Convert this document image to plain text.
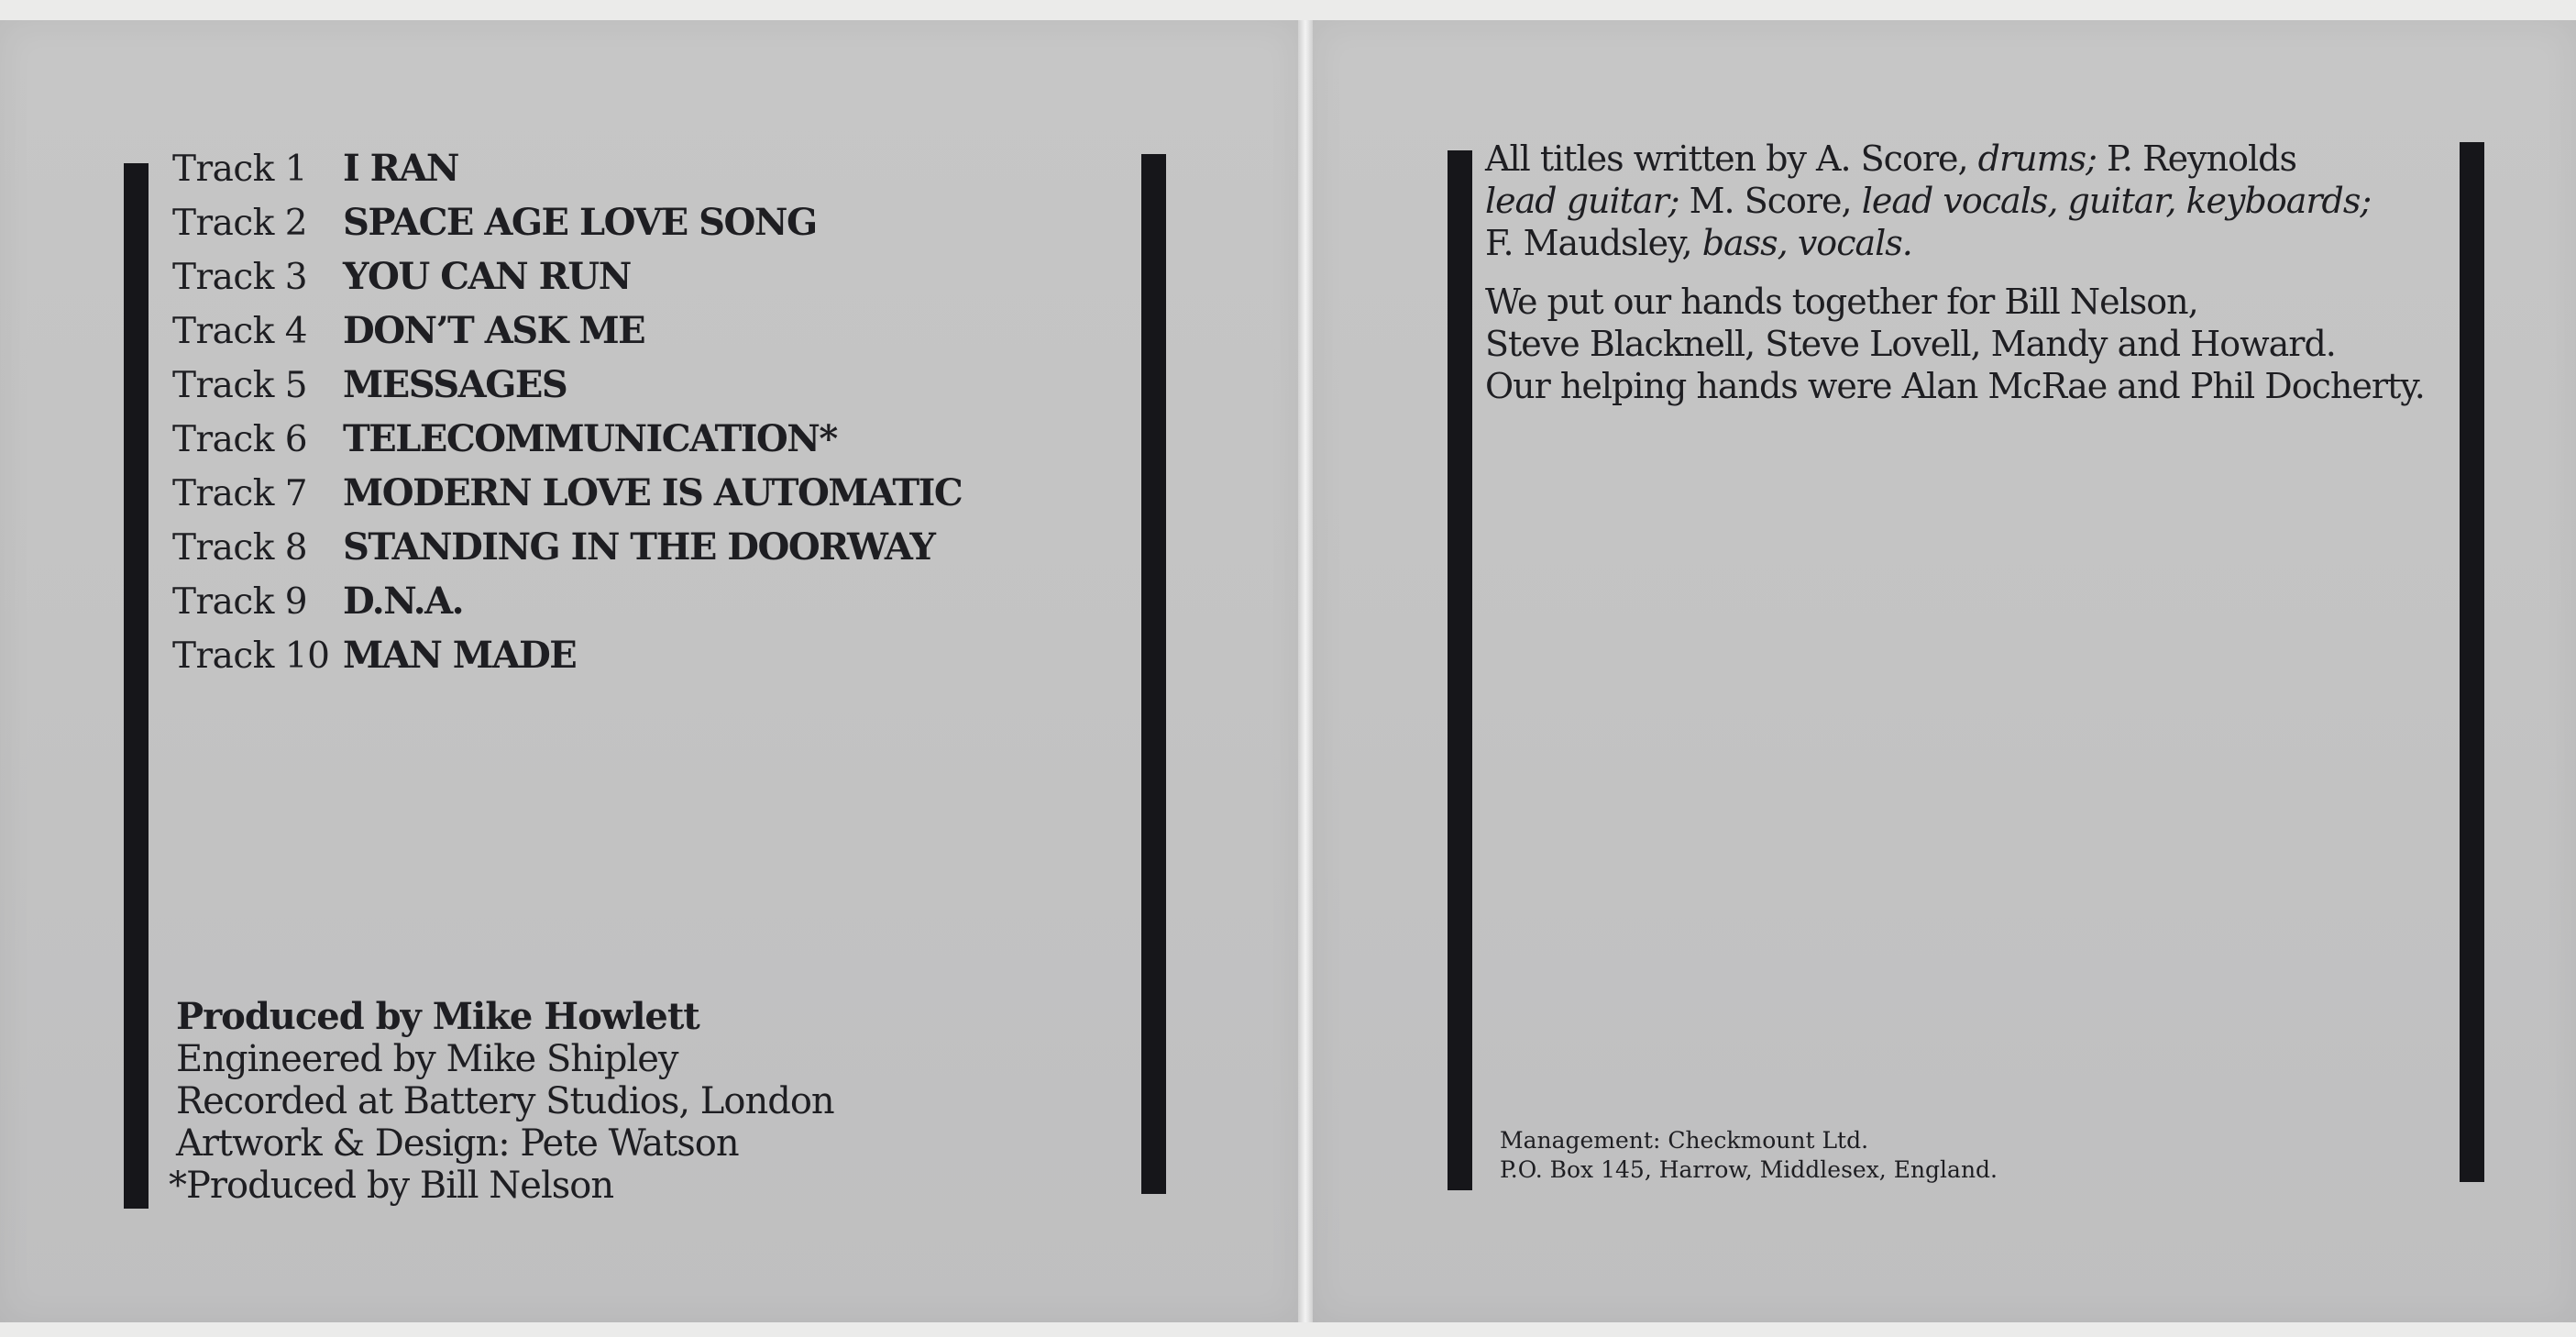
Track 1 I RAN
Track 2 SPACE AGE LOVE SONG
Track 3 YOU CAN RUN
Track 4 DON’T ASK ME
Track 5 MESSAGES
Track 6 TELECOMMUNICATION*
Track 7 MODERN LOVE IS AUTOMATIC
Track 8 STANDING IN THE DOORWAY
Track 9 D.N.A.
Track 10 MAN MADE
Produced by Mike Howlett
Engineered by Mike Shipley
Recorded at Battery Studios, London
Artwork & Design: Pete Watson
*Produced by Bill Nelson
All titles written by A. Score, drums; P. Reynolds
lead guitar; M. Score, lead vocals, guitar, keyboards;
F. Maudsley, bass, vocals.
We put our hands together for Bill Nelson,
Steve Blacknell, Steve Lovell, Mandy and Howard.
Our helping hands were Alan McRae and Phil Docherty.
Management: Checkmount Ltd.
P.O. Box 145, Harrow, Middlesex, England.
